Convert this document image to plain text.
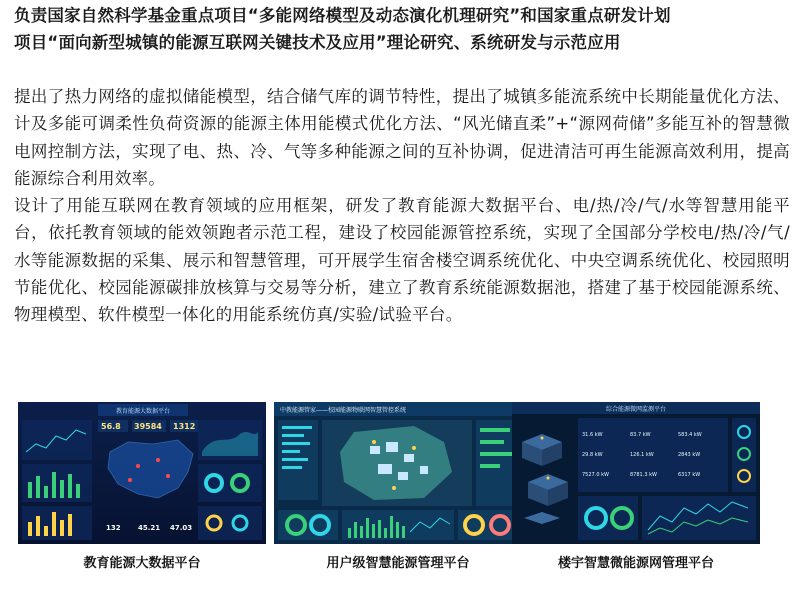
负责国家自然科学基金重点项目“多能网络模型及动态演化机理研究”和国家重点研发计划
项目“面向新型城镇的能源互联网关键技术及应用”理论研究、系统研发与示范应用

提出了热力网络的虚拟储能模型，结合储气库的调节特性，提出了城镇多能流系统中长期能量优化方法、计及多能可调柔性负荷资源的能源主体用能模式优化方法、“风光储直柔”+“源网荷储”多能互补的智慧微电网控制方法，实现了电、热、冷、气等多种能源之间的互补协调，促进清洁可再生能源高效利用，提高能源综合利用效率。

设计了用能互联网在教育领域的应用框架，研发了教育能源大数据平台、电/热/冷/气/水等智慧用能平台，依托教育领域的能效领跑者示范工程，建设了校园能源管控系统，实现了全国部分学校电/热/冷/气/水等能源数据的采集、展示和智慧管理，可开展学生宿舍楼空调系统优化、中央空调系统优化、校园照明节能优化、校园能源碳排放核算与交易等分析，建立了教育系统能源数据池，搭建了基于校园能源系统、物理模型、软件模型一体化的用能系统仿真/实验/试验平台。

教育能源大数据平台
56.8 39584 1312
132 45.21 47.03
教育能源大数据平台
中教能源管家——校园能源物联网智慧管控系统
用户级智慧能源管理平台
综合能源微网监测平台
31.6 kW	83.7 kW	583.4 kW
29.8 kW	126.1 kW	2843 kW
7527.0 kW	8781.3 kW	6317 kW
楼宇智慧微能源网管理平台
